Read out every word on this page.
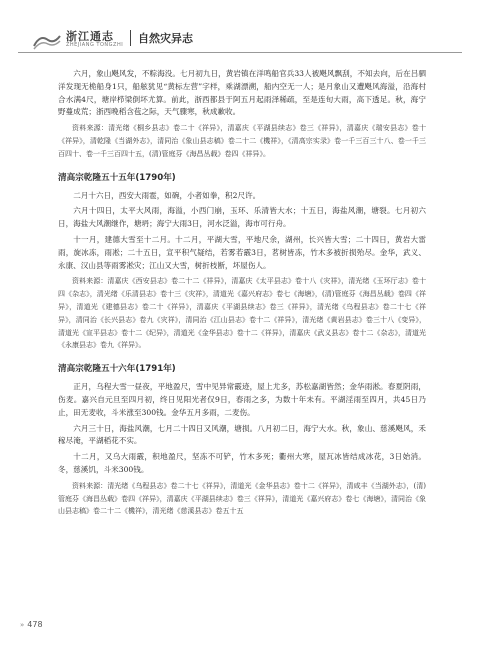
浙江通志
ZHEJIANG TONGZHI 自然灾异志

六月，象山飓风发，不粽海没。七月初九日，黄岩镇在洋鸣船官兵33人被飓风飘刮，不知去向，后在吕驷洋发现无桅船身1只，船舷犹见“黄标左营”字样，乘湖漂溯，船内空无一人；是月象山又遭飓风海溢，沿海村合水满4尺，塘岸栉梁倒坏尤算。前此，浙西都县于阿五月起雨泽稀疏，至是连旬大雨，高下透足。秋，海宁野蔓成荒；浙西晚稻含苞之际，天气骤寒，秋成歉收。

资料来源：清光绪《桐乡县志》卷二十《祥异》，清嘉庆《平湖县续志》卷三《祥异》，清嘉庆《瑞安县志》卷十《祥异》，清乾隆《当湖外志》，清同治《象山县志稿》卷二十二《機祥》，《清高宗实录》卷一千三百三十八、卷一千三百四十、卷一千三百四十五，(清)管庭芬《海昌丛载》卷四《祥异》。

清高宗乾隆五十五年(1790年)

二月十六日，西安大雨雹，如碗，小者如拳，积2尺许。

六月十四日，太平大风雨，海溢，小西门崩，玉环、乐清皆大水；十五日，海盐风潮，塘裂。七月初六日，海盐大风潮继作，塘坍；海宁大雨3日，河水泛溢，海市可行舟。

十一月，建德大雪至十二月。十二月，平湖大雪，平地尺余，湖州，长兴皆大雪；二十四日，黄岩大雷雨，旋冰冻，雨凇；二十五日，宣平积气疑结，若雾若霰3日，茗树皆冻，竹木多被折损殆尽。金华，武义、永康、汉山县等雨雾凇灾；江山又大雪，树折枝断，坏屋伤人。

资料来源：清嘉庆《西安县志》卷二十二《祥异》，清嘉庆《太平县志》卷十八《灾祥》，清光绪《玉环厅志》卷十四《杂志》，清光绪《乐清县志》卷十三《灾祥》，清道光《嘉兴府志》卷七《海塘》，(清)管庭芬《海昌丛载》卷四《祥异》，清道光《建德县志》卷二十《祥异》，清嘉庆《平湖县续志》卷三《祥异》，清光绪《乌程县志》卷二十七《祥异》，清同治《长兴县志》卷九《灾祥》，清同治《江山县志》卷十二《祥异》，清光绪《黄岩县志》卷三十八《变异》，清道光《宣平县志》卷十二《纪异》，清道光《金华县志》卷十二《祥异》，清嘉庆《武义县志》卷十二《杂志》，清道光《永康县志》卷九《祥异》。

清高宗乾隆五十六年(1791年)

正月，乌程大雪一昼夜，平地盈尺，雪中见异常霰迹，屋上尤多，苏松嘉湖皆然；金华雨淞。春夏阴雨，伤麦。嘉兴自元旦至四月初，终日见阳光者仅9日，春雨之多，为数十年未有。平湖淫雨至四月，共45日乃止，田无麦收，斗米涨至300钱。金华五月多雨，二麦伤。

六月三十日，海盐风潮，七月二十四日又风潮，塘损。八月初二日，海宁大水。秋，象山、慈溪飓风，禾稼尽淹，平湖稻花不实。

十二月，又乌大雨霰，积地盈尺，坚冻不可铲，竹木多死；衢州大寒，屋瓦冰皆结成冰花，3日始消。冬，慈溪饥，斗米300钱。

资料来源：清光绪《乌程县志》卷二十七《祥异》，清道光《金华县志》卷十二《祥异》，清咸丰《当湖外志》，(清)管庭芬《海昌丛载》卷四《祥异》，清嘉庆《平湖县续志》卷三《祥异》，清道光《嘉兴府志》卷七《海塘》，清同治《象山县志稿》卷二十二《機祥》，清光绪《慈溪县志》卷五十五

» 478
